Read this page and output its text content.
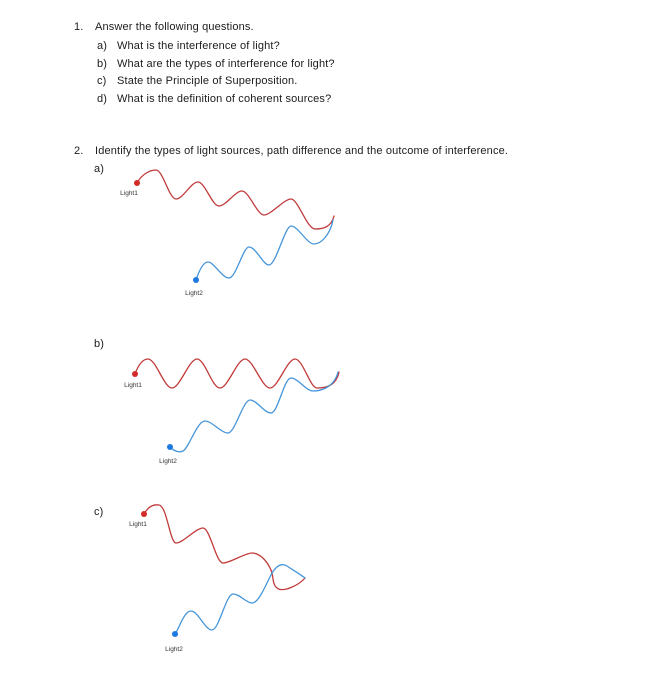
1. Answer the following questions.
a) What is the interference of light?
b) What are the types of interference for light?
c) State the Principle of Superposition.
d) What is the definition of coherent sources?
2. Identify the types of light sources, path difference and the outcome of interference.
a)
Light1
Light2
b)
Light1
Light2
c)
Light1
Light2
